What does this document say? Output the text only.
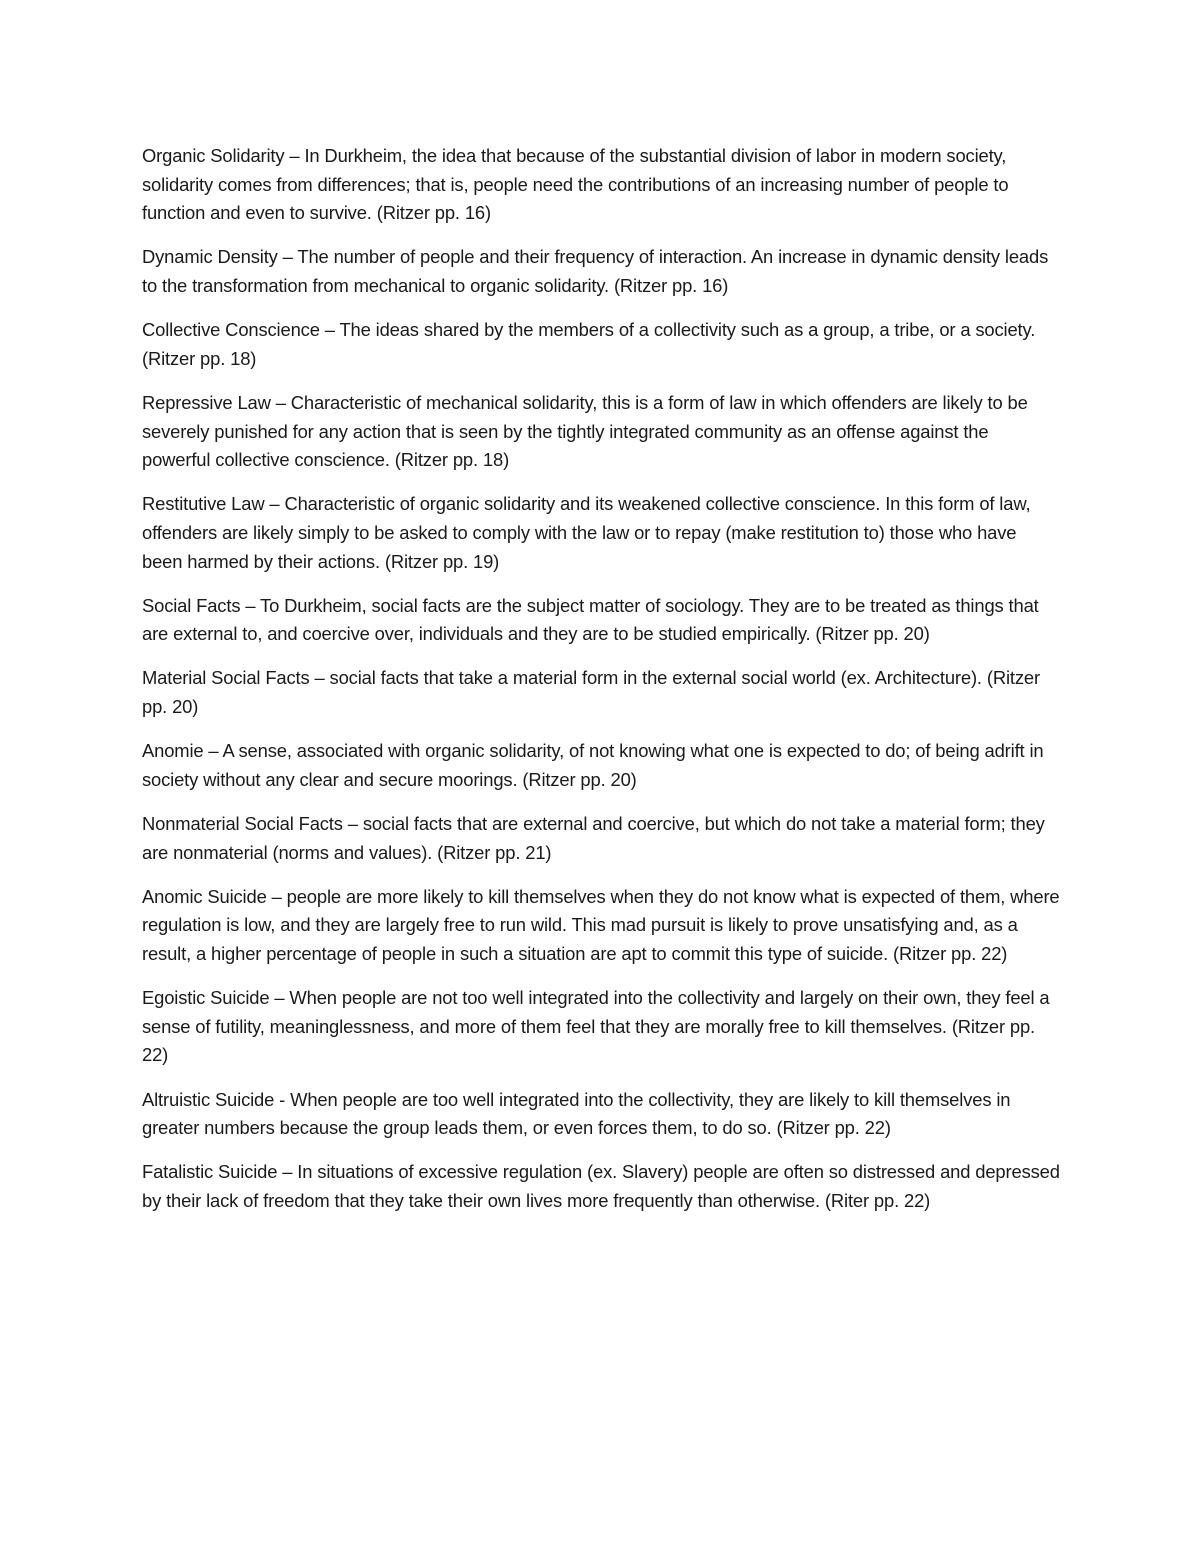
Organic Solidarity – In Durkheim, the idea that because of the substantial division of labor in modern society, solidarity comes from differences; that is, people need the contributions of an increasing number of people to function and even to survive. (Ritzer pp. 16)

Dynamic Density – The number of people and their frequency of interaction. An increase in dynamic density leads to the transformation from mechanical to organic solidarity. (Ritzer pp. 16)

Collective Conscience – The ideas shared by the members of a collectivity such as a group, a tribe, or a society. (Ritzer pp. 18)

Repressive Law – Characteristic of mechanical solidarity, this is a form of law in which offenders are likely to be severely punished for any action that is seen by the tightly integrated community as an offense against the powerful collective conscience. (Ritzer pp. 18)

Restitutive Law – Characteristic of organic solidarity and its weakened collective conscience. In this form of law, offenders are likely simply to be asked to comply with the law or to repay (make restitution to) those who have been harmed by their actions. (Ritzer pp. 19)

Social Facts – To Durkheim, social facts are the subject matter of sociology. They are to be treated as things that are external to, and coercive over, individuals and they are to be studied empirically. (Ritzer pp. 20)

Material Social Facts – social facts that take a material form in the external social world (ex. Architecture). (Ritzer pp. 20)

Anomie – A sense, associated with organic solidarity, of not knowing what one is expected to do; of being adrift in society without any clear and secure moorings. (Ritzer pp. 20)

Nonmaterial Social Facts – social facts that are external and coercive, but which do not take a material form; they are nonmaterial (norms and values). (Ritzer pp. 21)

Anomic Suicide – people are more likely to kill themselves when they do not know what is expected of them, where regulation is low, and they are largely free to run wild. This mad pursuit is likely to prove unsatisfying and, as a result, a higher percentage of people in such a situation are apt to commit this type of suicide. (Ritzer pp. 22)

Egoistic Suicide – When people are not too well integrated into the collectivity and largely on their own, they feel a sense of futility, meaninglessness, and more of them feel that they are morally free to kill themselves. (Ritzer pp. 22)

Altruistic Suicide - When people are too well integrated into the collectivity, they are likely to kill themselves in greater numbers because the group leads them, or even forces them, to do so. (Ritzer pp. 22)

Fatalistic Suicide – In situations of excessive regulation (ex. Slavery) people are often so distressed and depressed by their lack of freedom that they take their own lives more frequently than otherwise. (Riter pp. 22)
